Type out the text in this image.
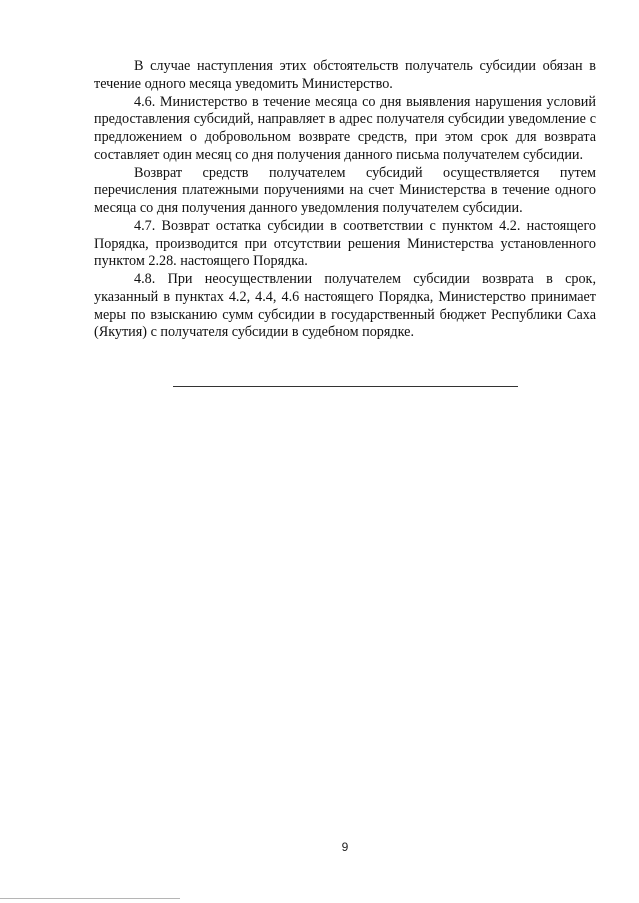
В случае наступления этих обстоятельств получатель субсидии обязан в течение одного месяца уведомить Министерство.

4.6. Министерство в течение месяца со дня выявления нарушения условий предоставления субсидий, направляет в адрес получателя субсидии уведомление с предложением о добровольном возврате средств, при этом срок для возврата составляет один месяц со дня получения данного письма получателем субсидии.

Возврат средств получателем субсидий осуществляется путем перечисления платежными поручениями на счет Министерства в течение одного месяца со дня получения данного уведомления получателем субсидии.

4.7. Возврат остатка субсидии в соответствии с пунктом 4.2. настоящего Порядка, производится при отсутствии решения Министерства установленного пунктом 2.28. настоящего Порядка.

4.8. При неосуществлении получателем субсидии возврата в срок, указанный в пунктах 4.2, 4.4, 4.6 настоящего Порядка, Министерство принимает меры по взысканию сумм субсидии в государственный бюджет Республики Саха (Якутия) с получателя субсидии в судебном порядке.

9
